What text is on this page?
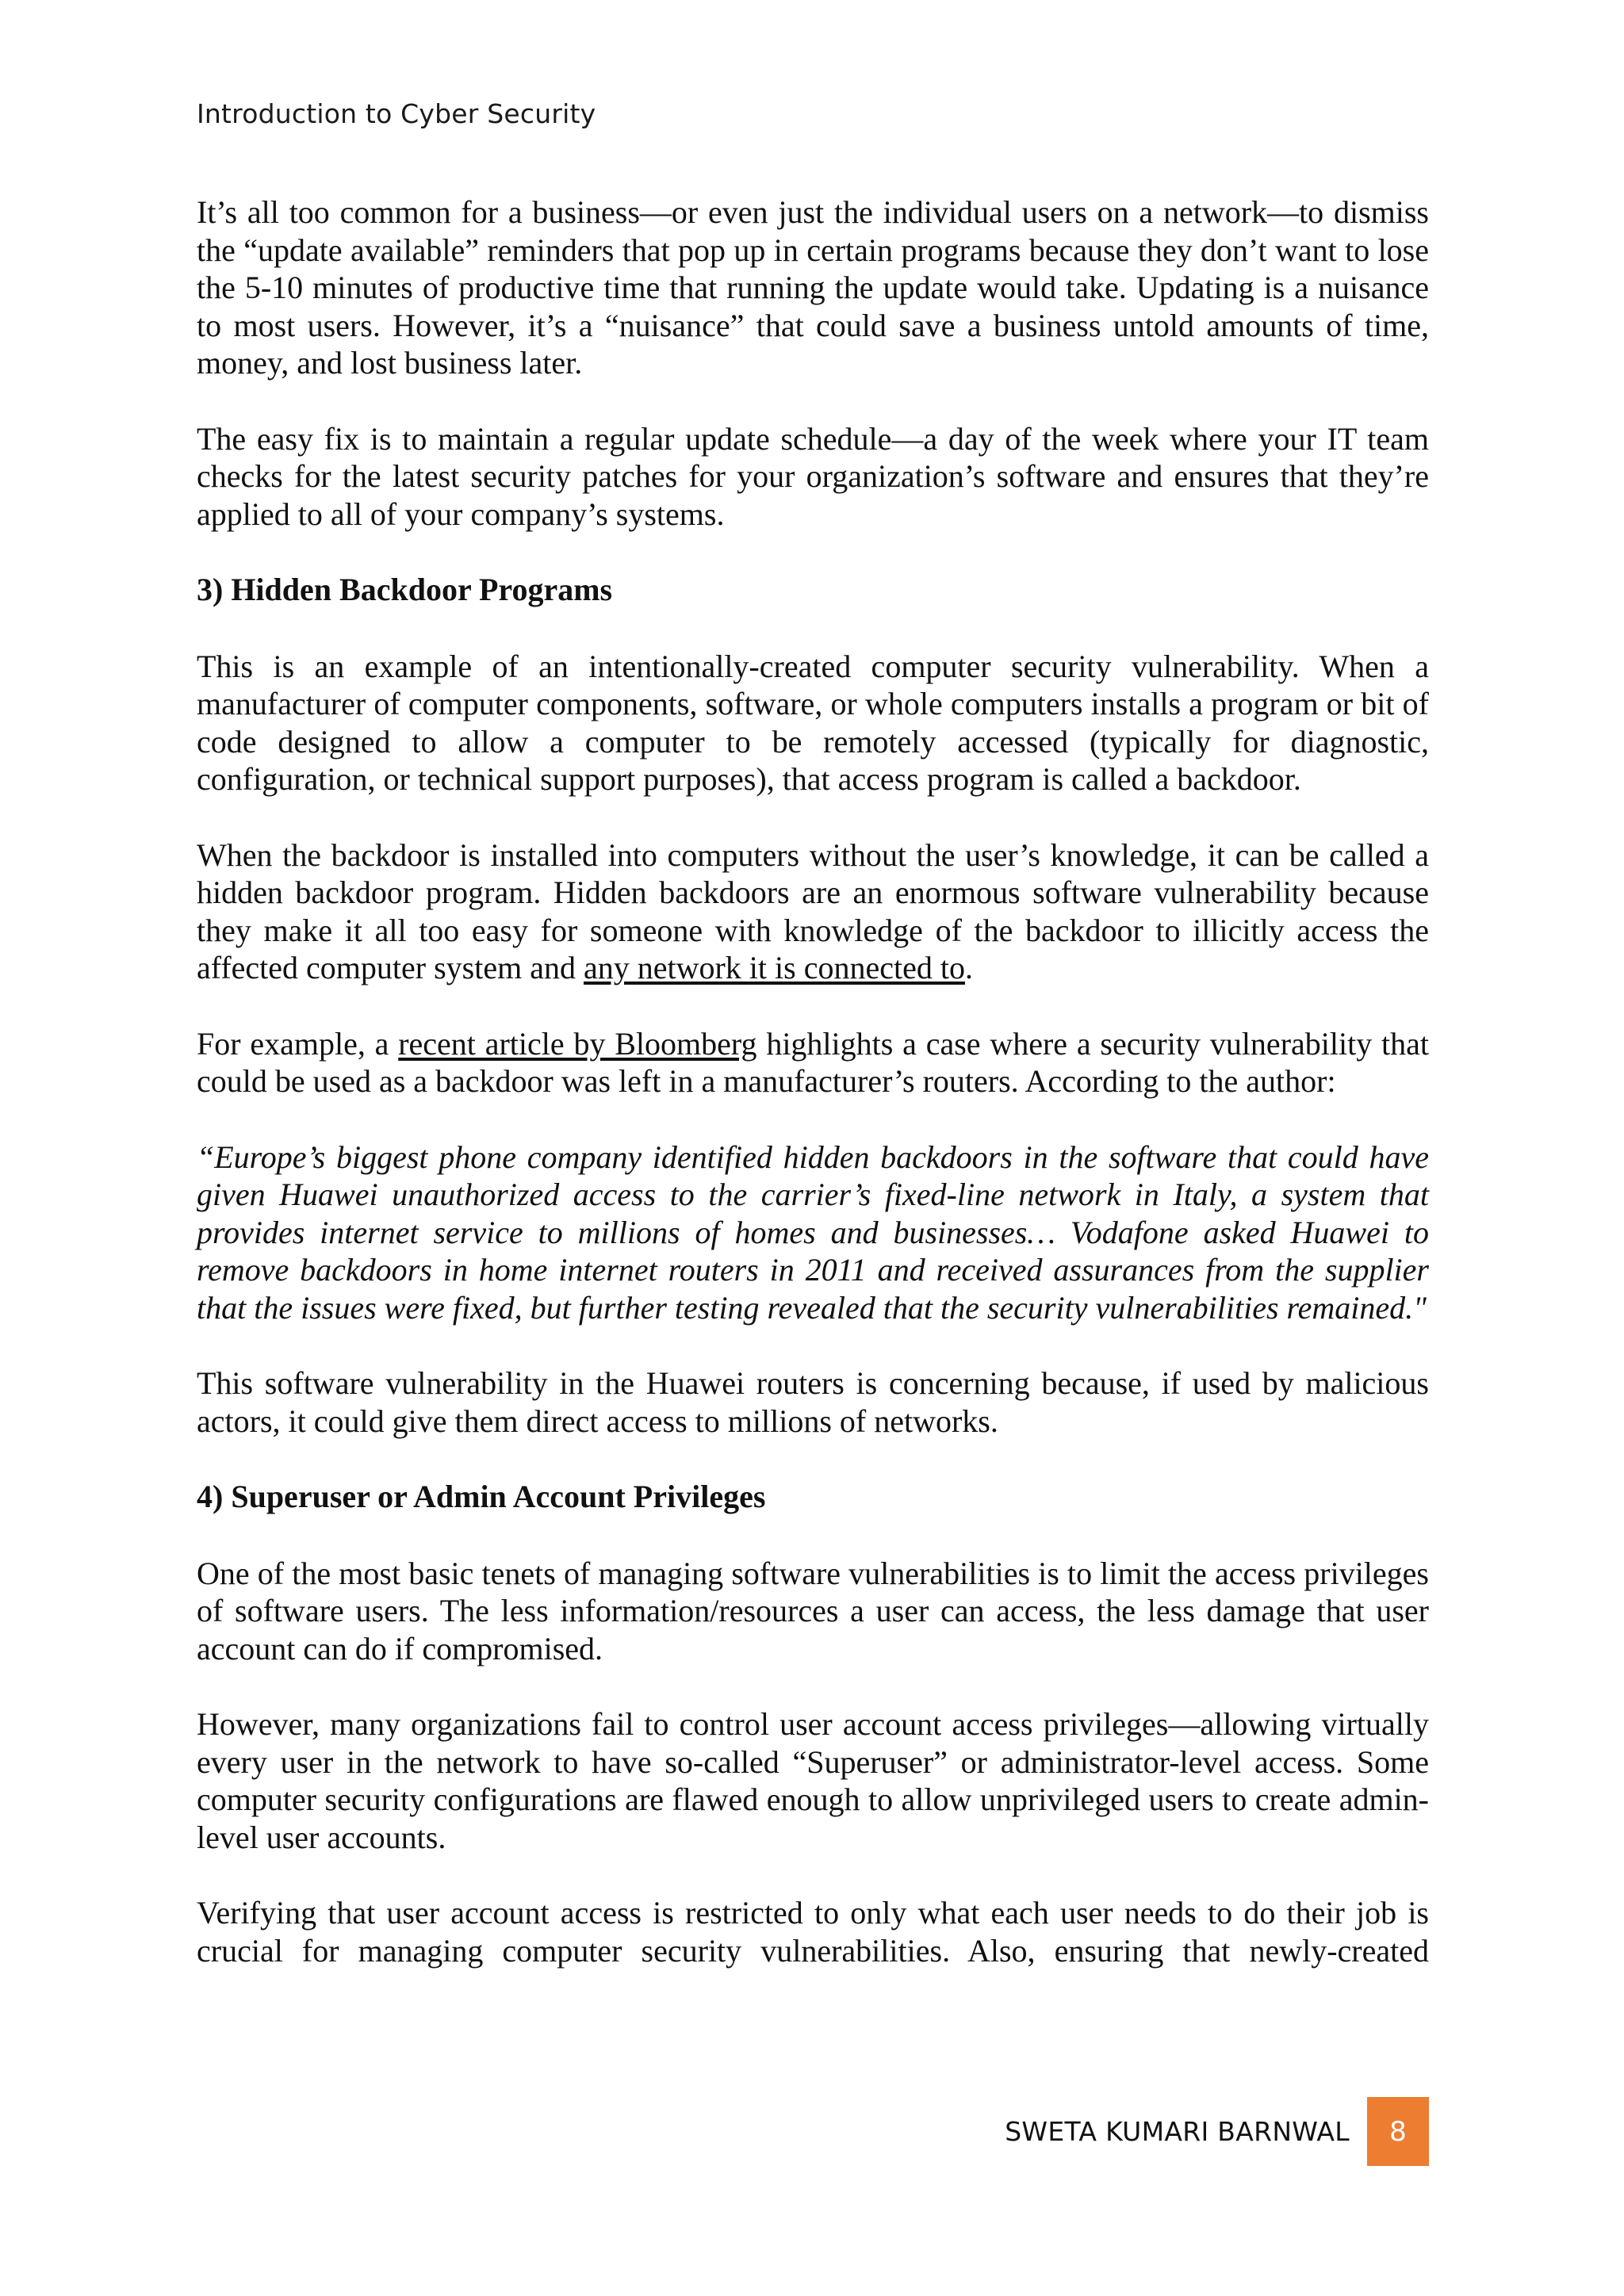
Introduction to Cyber Security

It’s all too common for a business—or even just the individual users on a network—to dismiss the “update available” reminders that pop up in certain programs because they don’t want to lose the 5-10 minutes of productive time that running the update would take. Updating is a nuisance to most users. However, it’s a “nuisance” that could save a business untold amounts of time, money, and lost business later.

The easy fix is to maintain a regular update schedule—a day of the week where your IT team checks for the latest security patches for your organization’s software and ensures that they’re applied to all of your company’s systems.

3) Hidden Backdoor Programs

This is an example of an intentionally-created computer security vulnerability. When a manufacturer of computer components, software, or whole computers installs a program or bit of code designed to allow a computer to be remotely accessed (typically for diagnostic, configuration, or technical support purposes), that access program is called a backdoor.

When the backdoor is installed into computers without the user’s knowledge, it can be called a hidden backdoor program. Hidden backdoors are an enormous software vulnerability because they make it all too easy for someone with knowledge of the backdoor to illicitly access the affected computer system and any network it is connected to.

For example, a recent article by Bloomberg highlights a case where a security vulnerability that could be used as a backdoor was left in a manufacturer’s routers. According to the author:

“Europe’s biggest phone company identified hidden backdoors in the software that could have given Huawei unauthorized access to the carrier’s fixed-line network in Italy, a system that provides internet service to millions of homes and businesses… Vodafone asked Huawei to remove backdoors in home internet routers in 2011 and received assurances from the supplier that the issues were fixed, but further testing revealed that the security vulnerabilities remained."

This software vulnerability in the Huawei routers is concerning because, if used by malicious actors, it could give them direct access to millions of networks.

4) Superuser or Admin Account Privileges

One of the most basic tenets of managing software vulnerabilities is to limit the access privileges of software users. The less information/resources a user can access, the less damage that user account can do if compromised.

However, many organizations fail to control user account access privileges—allowing virtually every user in the network to have so-called “Superuser” or administrator-level access. Some computer security configurations are flawed enough to allow unprivileged users to create admin-level user accounts.

Verifying that user account access is restricted to only what each user needs to do their job is crucial for managing computer security vulnerabilities. Also, ensuring that newly-created

SWETA KUMARI BARNWAL	8
